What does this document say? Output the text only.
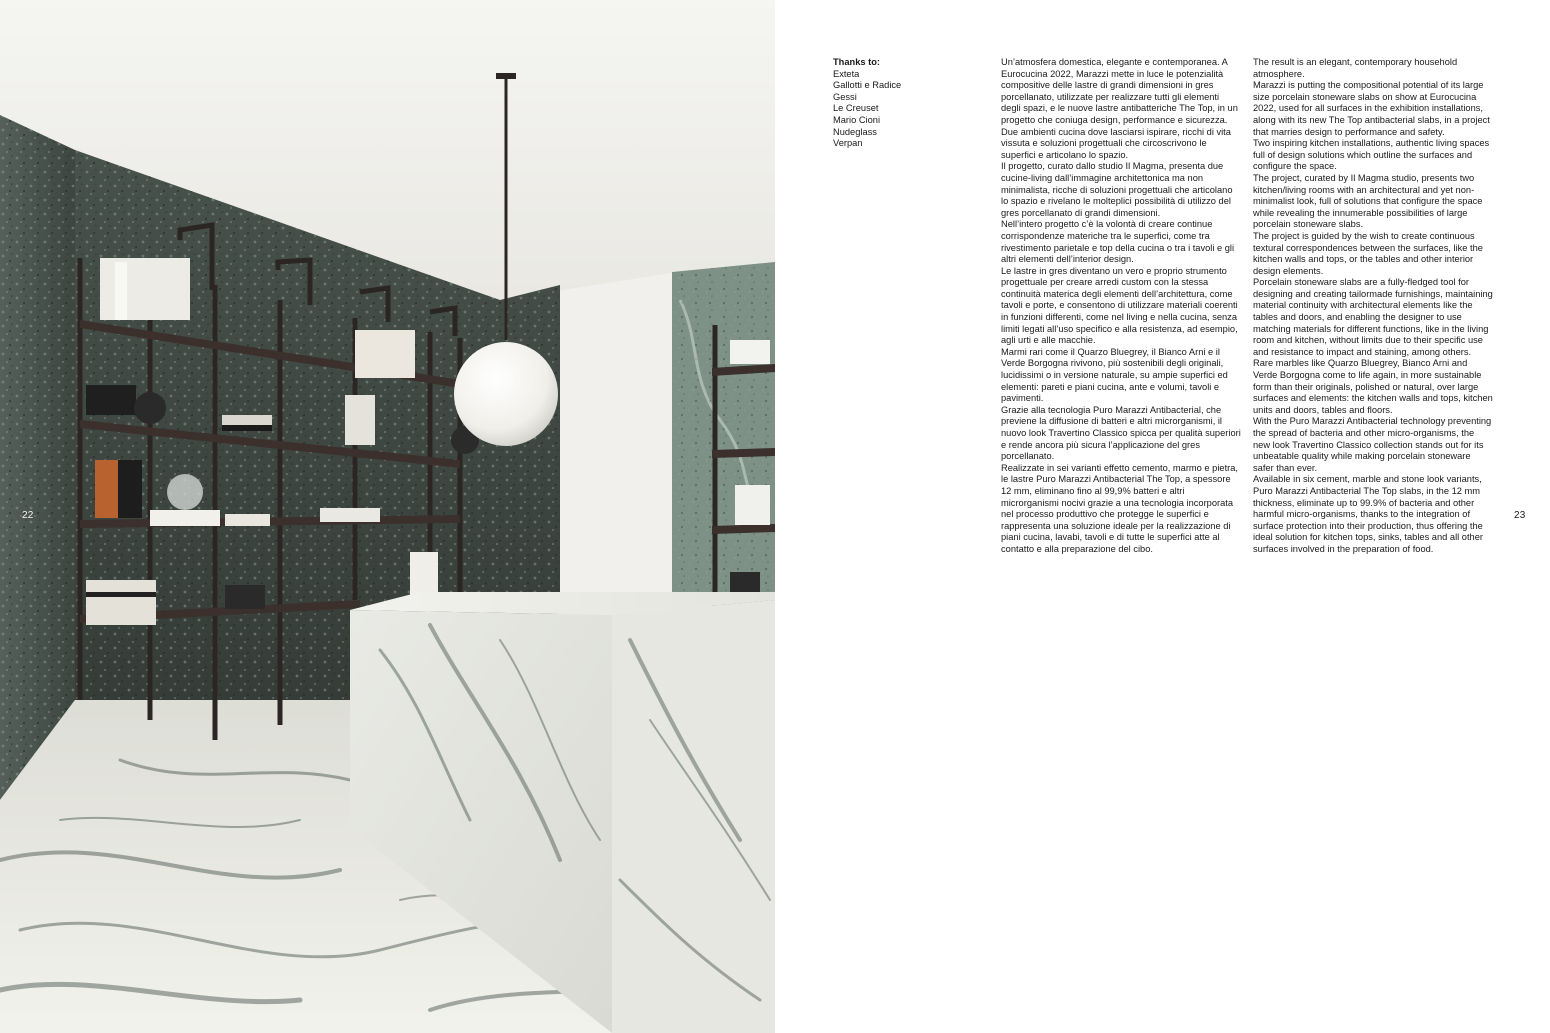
22
Thanks to:
Exteta
Gallotti e Radice
Gessi
Le Creuset
Mario Cioni
Nudeglass
Verpan

Un’atmosfera domestica, elegante e contemporanea. A Eurocucina 2022, Marazzi mette in luce le potenzialità compositive delle lastre di grandi dimensioni in gres porcellanato, utilizzate per realizzare tutti gli elementi degli spazi, e le nuove lastre antibatteriche The Top, in un progetto che coniuga design, performance e sicurezza.

Due ambienti cucina dove lasciarsi ispirare, ricchi di vita vissuta e soluzioni progettuali che circoscrivono le superfici e articolano lo spazio.

Il progetto, curato dallo studio Il Magma, presenta due cucine-living dall’immagine architettonica ma non minimalista, ricche di soluzioni progettuali che articolano lo spazio e rivelano le molteplici possibilità di utilizzo del gres porcellanato di grandi dimensioni.

Nell’intero progetto c’è la volontà di creare continue corrispondenze materiche tra le superfici, come tra rivestimento parietale e top della cucina o tra i tavoli e gli altri elementi dell’interior design.

Le lastre in gres diventano un vero e proprio strumento progettuale per creare arredi custom con la stessa continuità materica degli elementi dell’architettura, come tavoli e porte, e consentono di utilizzare materiali coerenti in funzioni differenti, come nel living e nella cucina, senza limiti legati all’uso specifico e alla resistenza, ad esempio, agli urti e alle macchie.

Marmi rari come il Quarzo Bluegrey, il Bianco Arni e il Verde Borgogna rivivono, più sostenibili degli originali, lucidissimi o in versione naturale, su ampie superfici ed elementi: pareti e piani cucina, ante e volumi, tavoli e pavimenti.

Grazie alla tecnologia Puro Marazzi Antibacterial, che previene la diffusione di batteri e altri microrganismi, il nuovo look Travertino Classico spicca per qualità superiori e rende ancora più sicura l’applicazione del gres porcellanato.

Realizzate in sei varianti effetto cemento, marmo e pietra, le lastre Puro Marazzi Antibacterial The Top, a spessore 12 mm, eliminano fino al 99,9% batteri e altri microrganismi nocivi grazie a una tecnologia incorporata nel processo produttivo che protegge le superfici e rappresenta una soluzione ideale per la realizzazione di piani cucina, lavabi, tavoli e di tutte le superfici atte al contatto e alla preparazione del cibo.

The result is an elegant, contemporary household atmosphere.

Marazzi is putting the compositional potential of its large size porcelain stoneware slabs on show at Eurocucina 2022, used for all surfaces in the exhibition installations, along with its new The Top antibacterial slabs, in a project that marries design to performance and safety.

Two inspiring kitchen installations, authentic living spaces full of design solutions which outline the surfaces and configure the space.

The project, curated by Il Magma studio, presents two kitchen/living rooms with an architectural and yet non-minimalist look, full of solutions that configure the space while revealing the innumerable possibilities of large porcelain stoneware slabs.

The project is guided by the wish to create continuous textural correspondences between the surfaces, like the kitchen walls and tops, or the tables and other interior design elements.

Porcelain stoneware slabs are a fully-fledged tool for designing and creating tailormade furnishings, maintaining material continuity with architectural elements like the tables and doors, and enabling the designer to use matching materials for different functions, like in the living room and kitchen, without limits due to their specific use and resistance to impact and staining, among others.

Rare marbles like Quarzo Bluegrey, Bianco Arni and Verde Borgogna come to life again, in more sustainable form than their originals, polished or natural, over large surfaces and elements: the kitchen walls and tops, kitchen units and doors, tables and floors.

With the Puro Marazzi Antibacterial technology preventing the spread of bacteria and other micro-organisms, the new look Travertino Classico collection stands out for its unbeatable quality while making porcelain stoneware safer than ever.

Available in six cement, marble and stone look variants, Puro Marazzi Antibacterial The Top slabs, in the 12 mm thickness, eliminate up to 99.9% of bacteria and other harmful micro-organisms, thanks to the integration of surface protection into their production, thus offering the ideal solution for kitchen tops, sinks, tables and all other surfaces involved in the preparation of food.

23
